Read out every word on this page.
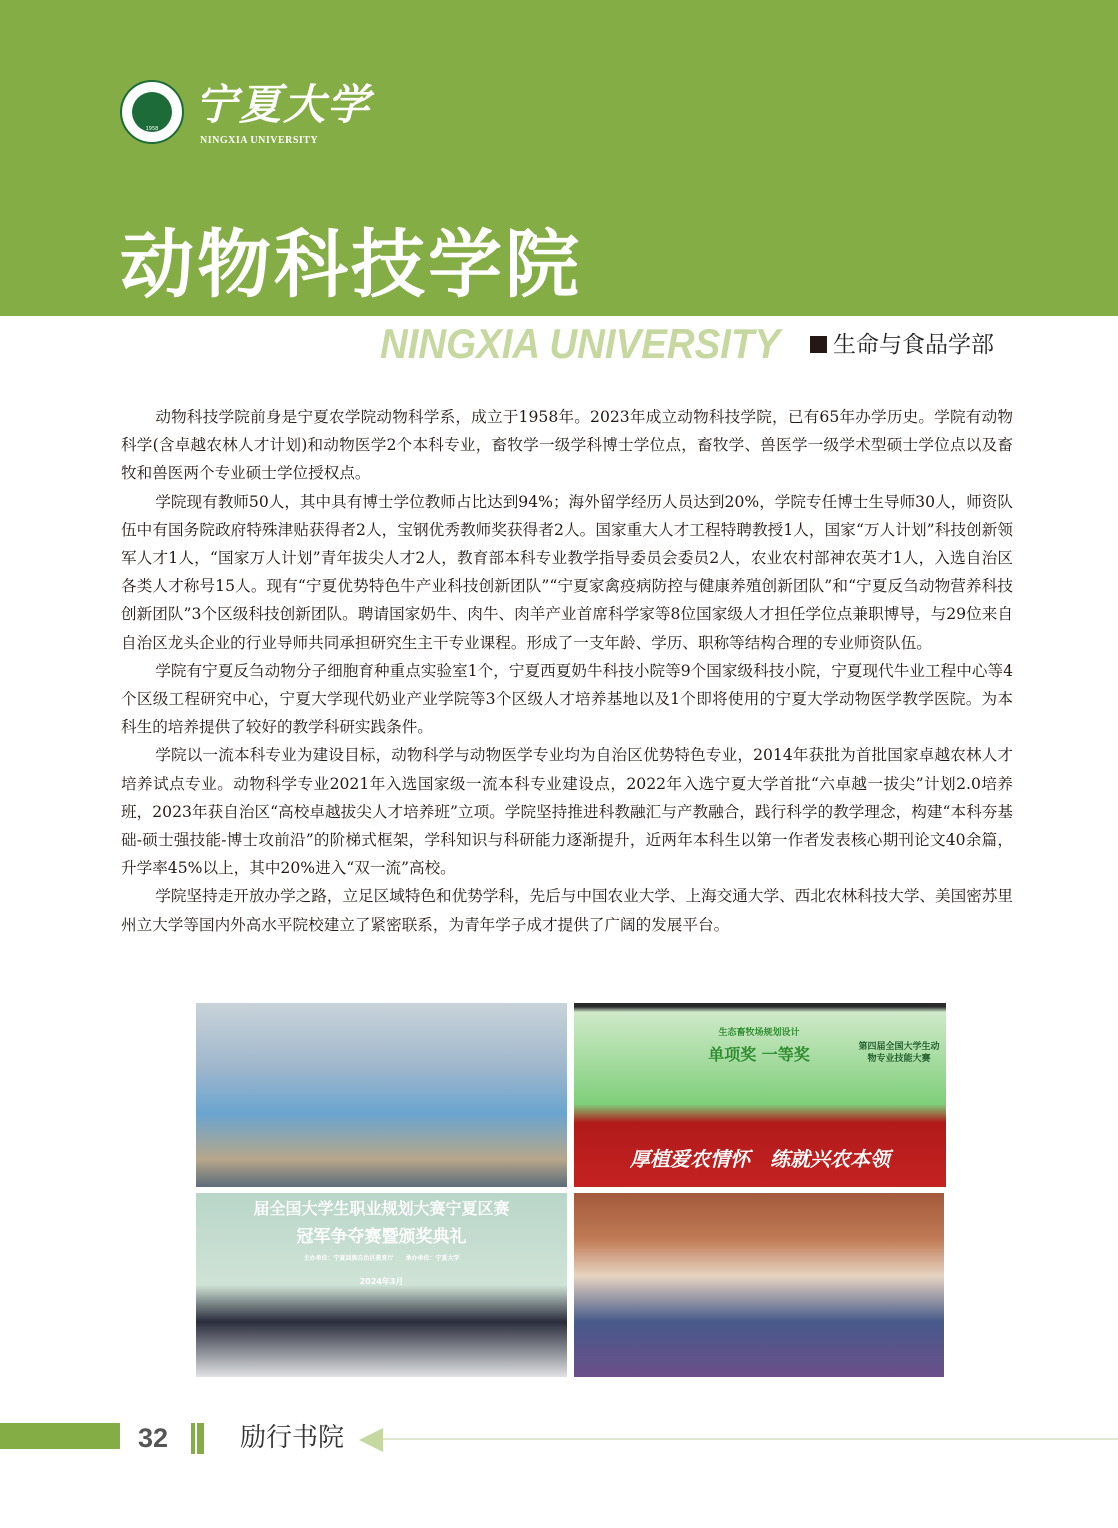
1958 宁夏大学
NINGXIA UNIVERSITY
动物科技学院
NINGXIA UNIVERSITY	生命与食品学部

动物科技学院前身是宁夏农学院动物科学系，成立于1958年。2023年成立动物科技学院，已有65年办学历史。学院有动物科学(含卓越农林人才计划)和动物医学2个本科专业，畜牧学一级学科博士学位点，畜牧学、兽医学一级学术型硕士学位点以及畜牧和兽医两个专业硕士学位授权点。

学院现有教师50人，其中具有博士学位教师占比达到94%；海外留学经历人员达到20%，学院专任博士生导师30人，师资队伍中有国务院政府特殊津贴获得者2人，宝钢优秀教师奖获得者2人。国家重大人才工程特聘教授1人，国家“万人计划”科技创新领军人才1人，“国家万人计划”青年拔尖人才2人，教育部本科专业教学指导委员会委员2人，农业农村部神农英才1人，入选自治区各类人才称号15人。现有“宁夏优势特色牛产业科技创新团队”“宁夏家禽疫病防控与健康养殖创新团队”和“宁夏反刍动物营养科技创新团队”3个区级科技创新团队。聘请国家奶牛、肉牛、肉羊产业首席科学家等8位国家级人才担任学位点兼职博导，与29位来自自治区龙头企业的行业导师共同承担研究生主干专业课程。形成了一支年龄、学历、职称等结构合理的专业师资队伍。

学院有宁夏反刍动物分子细胞育种重点实验室1个，宁夏西夏奶牛科技小院等9个国家级科技小院，宁夏现代牛业工程中心等4个区级工程研究中心，宁夏大学现代奶业产业学院等3个区级人才培养基地以及1个即将使用的宁夏大学动物医学教学医院。为本科生的培养提供了较好的教学科研实践条件。

学院以一流本科专业为建设目标，动物科学与动物医学专业均为自治区优势特色专业，2014年获批为首批国家卓越农林人才培养试点专业。动物科学专业2021年入选国家级一流本科专业建设点，2022年入选宁夏大学首批“六卓越一拔尖”计划2.0培养班，2023年获自治区“高校卓越拔尖人才培养班”立项。学院坚持推进科教融汇与产教融合，践行科学的教学理念，构建“本科夯基础-硕士强技能-博士攻前沿”的阶梯式框架，学科知识与科研能力逐渐提升，近两年本科生以第一作者发表核心期刊论文40余篇，升学率45%以上，其中20%进入“双一流”高校。

学院坚持走开放办学之路，立足区域特色和优势学科，先后与中国农业大学、上海交通大学、西北农林科技大学、美国密苏里州立大学等国内外高水平院校建立了紧密联系，为青年学子成才提供了广阔的发展平台。

生态畜牧场规划设计
单项奖 一等奖	第四届全国大学生动物专业技能大赛
厚植爱农情怀　练就兴农本领
届全国大学生职业规划大赛宁夏区赛
冠军争夺赛暨颁奖典礼
主办单位：宁夏回族自治区教育厅　　承办单位：宁夏大学
2024年3月
32	励行书院
